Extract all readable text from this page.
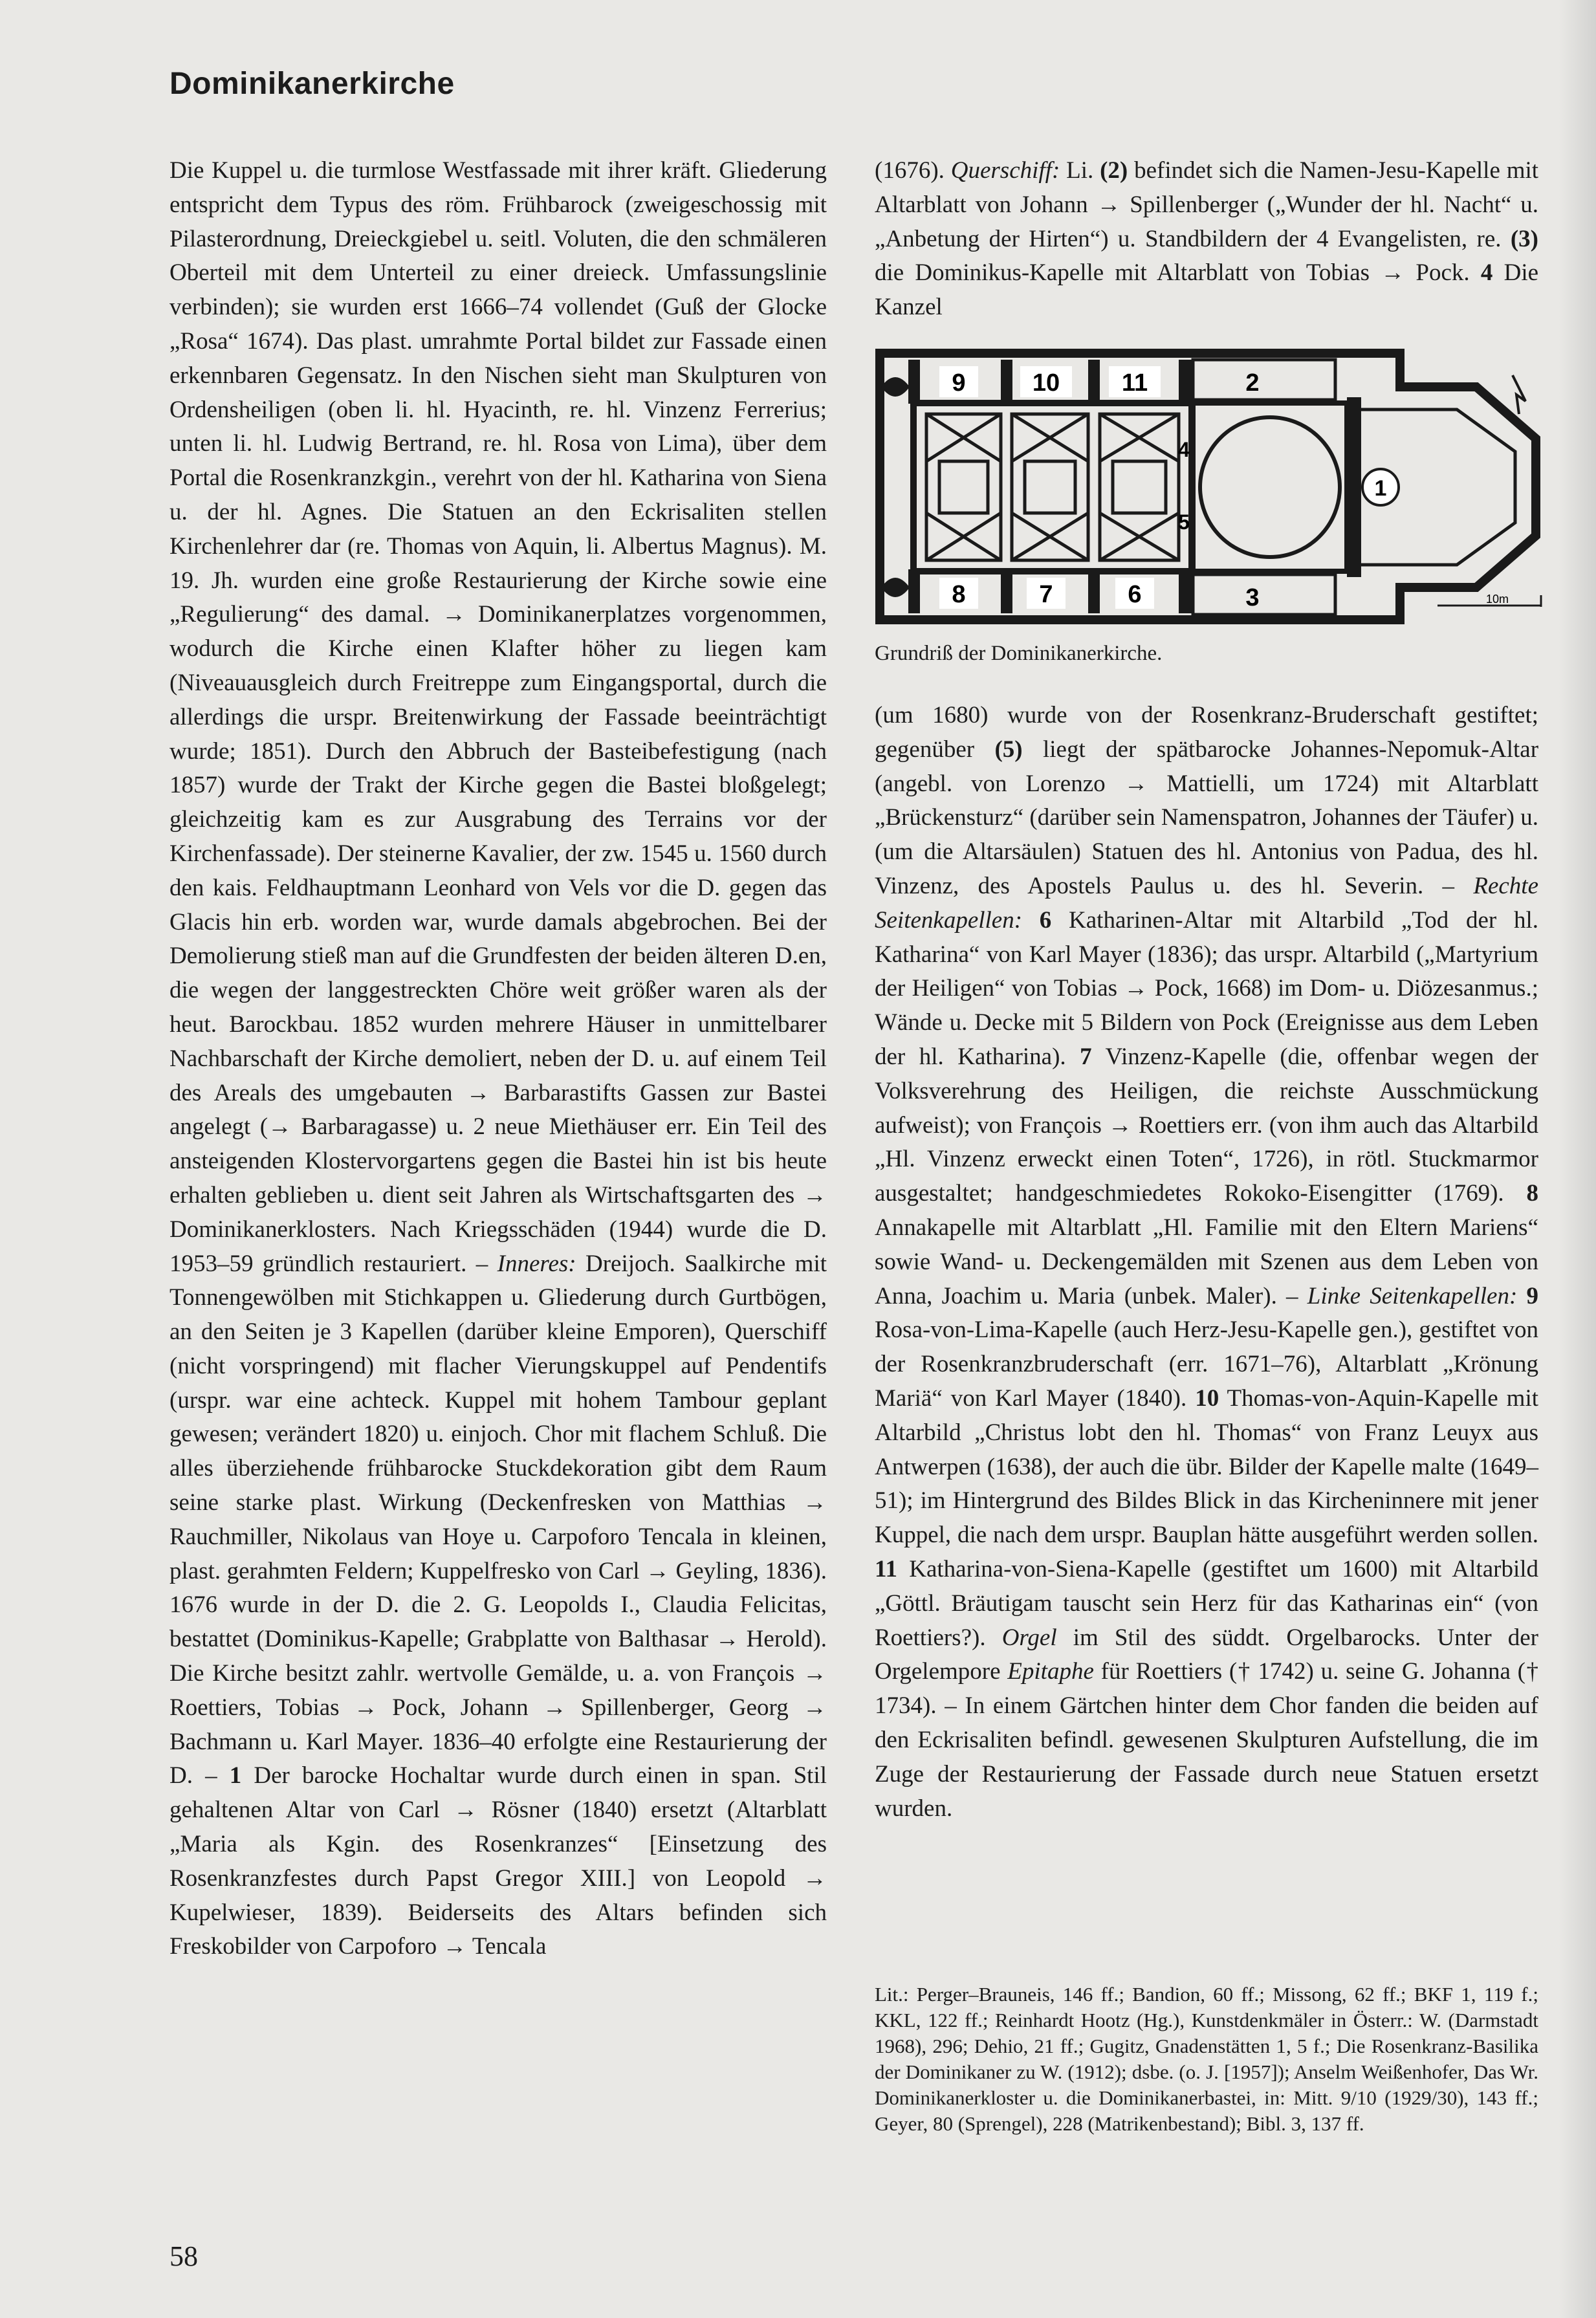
Dominikanerkirche

Die Kuppel u. die turmlose Westfassade mit ihrer kräft. Gliederung entspricht dem Typus des röm. Frühbarock (zweigeschossig mit Pilasterordnung, Dreieckgiebel u. seitl. Voluten, die den schmäleren Oberteil mit dem Unterteil zu einer dreieck. Umfassungslinie verbinden); sie wurden erst 1666–74 vollendet (Guß der Glocke „Rosa“ 1674). Das plast. umrahmte Portal bildet zur Fassade einen erkennbaren Gegensatz. In den Nischen sieht man Skulpturen von Ordensheiligen (oben li. hl. Hyacinth, re. hl. Vinzenz Ferrerius; unten li. hl. Ludwig Bertrand, re. hl. Rosa von Lima), über dem Portal die Rosenkranzkgin., verehrt von der hl. Katharina von Siena u. der hl. Agnes. Die Statuen an den Eckrisaliten stellen Kirchenlehrer dar (re. Thomas von Aquin, li. Albertus Magnus). M. 19. Jh. wurden eine große Restaurierung der Kirche sowie eine „Regulierung“ des damal. → Dominikanerplatzes vorgenommen, wodurch die Kirche einen Klafter höher zu liegen kam (Niveauausgleich durch Freitreppe zum Eingangsportal, durch die allerdings die urspr. Breitenwirkung der Fassade beeinträchtigt wurde; 1851). Durch den Abbruch der Basteibefestigung (nach 1857) wurde der Trakt der Kirche gegen die Bastei bloßgelegt; gleichzeitig kam es zur Ausgrabung des Terrains vor der Kirchenfassade). Der steinerne Kavalier, der zw. 1545 u. 1560 durch den kais. Feldhauptmann Leonhard von Vels vor die D. gegen das Glacis hin erb. worden war, wurde damals abgebrochen. Bei der Demolierung stieß man auf die Grundfesten der beiden älteren D.en, die wegen der langgestreckten Chöre weit größer waren als der heut. Barockbau. 1852 wurden mehrere Häuser in unmittelbarer Nachbarschaft der Kirche demoliert, neben der D. u. auf einem Teil des Areals des umgebauten → Barbarastifts Gassen zur Bastei angelegt (→ Barbaragasse) u. 2 neue Miethäuser err. Ein Teil des ansteigenden Klostervorgartens gegen die Bastei hin ist bis heute erhalten geblieben u. dient seit Jahren als Wirtschaftsgarten des → Dominikanerklosters. Nach Kriegsschäden (1944) wurde die D. 1953–59 gründlich restauriert. – Inneres: Dreijoch. Saalkirche mit Tonnengewölben mit Stichkappen u. Gliederung durch Gurtbögen, an den Seiten je 3 Kapellen (darüber kleine Emporen), Querschiff (nicht vorspringend) mit flacher Vierungskuppel auf Pendentifs (urspr. war eine achteck. Kuppel mit hohem Tambour geplant gewesen; verändert 1820) u. einjoch. Chor mit flachem Schluß. Die alles überziehende frühbarocke Stuckdekoration gibt dem Raum seine starke plast. Wirkung (Deckenfresken von Matthias → Rauchmiller, Nikolaus van Hoye u. Carpoforo Tencala in kleinen, plast. gerahmten Feldern; Kuppelfresko von Carl → Geyling, 1836). 1676 wurde in der D. die 2. G. Leopolds I., Claudia Felicitas, bestattet (Dominikus-Kapelle; Grabplatte von Balthasar → Herold). Die Kirche besitzt zahlr. wertvolle Gemälde, u. a. von François → Roettiers, Tobias → Pock, Johann → Spillenberger, Georg → Bachmann u. Karl Mayer. 1836–40 erfolgte eine Restaurierung der D. – 1 Der barocke Hochaltar wurde durch einen in span. Stil gehaltenen Altar von Carl → Rösner (1840) ersetzt (Altarblatt „Maria als Kgin. des Rosenkranzes“ [Einsetzung des Rosenkranzfestes durch Papst Gregor XIII.] von Leopold → Kupelwieser, 1839). Beiderseits des Altars befinden sich Freskobilder von Carpoforo → Tencala

(1676). Querschiff: Li. (2) befindet sich die Namen-Jesu-Kapelle mit Altarblatt von Johann → Spillenberger („Wunder der hl. Nacht“ u. „Anbetung der Hirten“) u. Standbildern der 4 Evangelisten, re. (3) die Dominikus-Kapelle mit Altarblatt von Tobias → Pock. 4 Die Kanzel

9	10	11
8	7	6
2
3
4
5
1
10m
Grundriß der Dominikanerkirche.

(um 1680) wurde von der Rosenkranz-Bruderschaft gestiftet; gegenüber (5) liegt der spätbarocke Johannes-Nepomuk-Altar (angebl. von Lorenzo → Mattielli, um 1724) mit Altarblatt „Brückensturz“ (darüber sein Namenspatron, Johannes der Täufer) u. (um die Altarsäulen) Statuen des hl. Antonius von Padua, des hl. Vinzenz, des Apostels Paulus u. des hl. Severin. – Rechte Seitenkapellen: 6 Katharinen-Altar mit Altarbild „Tod der hl. Katharina“ von Karl Mayer (1836); das urspr. Altarbild („Martyrium der Heiligen“ von Tobias → Pock, 1668) im Dom- u. Diözesanmus.; Wände u. Decke mit 5 Bildern von Pock (Ereignisse aus dem Leben der hl. Katharina). 7 Vinzenz-Kapelle (die, offenbar wegen der Volksverehrung des Heiligen, die reichste Ausschmückung aufweist); von François → Roettiers err. (von ihm auch das Altarbild „Hl. Vinzenz erweckt einen Toten“, 1726), in rötl. Stuckmarmor ausgestaltet; handgeschmiedetes Rokoko-Eisengitter (1769). 8 Annakapelle mit Altarblatt „Hl. Familie mit den Eltern Mariens“ sowie Wand- u. Deckengemälden mit Szenen aus dem Leben von Anna, Joachim u. Maria (unbek. Maler). – Linke Seitenkapellen: 9 Rosa-von-Lima-Kapelle (auch Herz-Jesu-Kapelle gen.), gestiftet von der Rosenkranzbruderschaft (err. 1671–76), Altarblatt „Krönung Mariä“ von Karl Mayer (1840). 10 Thomas-von-Aquin-Kapelle mit Altarbild „Christus lobt den hl. Thomas“ von Franz Leuyx aus Antwerpen (1638), der auch die übr. Bilder der Kapelle malte (1649–51); im Hintergrund des Bildes Blick in das Kircheninnere mit jener Kuppel, die nach dem urspr. Bauplan hätte ausgeführt werden sollen. 11 Katharina-von-Siena-Kapelle (gestiftet um 1600) mit Altarbild „Göttl. Bräutigam tauscht sein Herz für das Katharinas ein“ (von Roettiers?). Orgel im Stil des süddt. Orgelbarocks. Unter der Orgelempore Epitaphe für Roettiers († 1742) u. seine G. Johanna († 1734). – In einem Gärtchen hinter dem Chor fanden die beiden auf den Eckrisaliten befindl. gewesenen Skulpturen Aufstellung, die im Zuge der Restaurierung der Fassade durch neue Statuen ersetzt wurden.

Lit.: Perger–Brauneis, 146 ff.; Bandion, 60 ff.; Missong, 62 ff.; BKF 1, 119 f.; KKL, 122 ff.; Reinhardt Hootz (Hg.), Kunstdenkmäler in Österr.: W. (Darmstadt 1968), 296; Dehio, 21 ff.; Gugitz, Gnadenstätten 1, 5 f.; Die Rosenkranz-Basilika der Dominikaner zu W. (1912); dsbe. (o. J. [1957]); Anselm Weißenhofer, Das Wr. Dominikanerkloster u. die Dominikanerbastei, in: Mitt. 9/10 (1929/30), 143 ff.; Geyer, 80 (Sprengel), 228 (Matrikenbestand); Bibl. 3, 137 ff.

58
